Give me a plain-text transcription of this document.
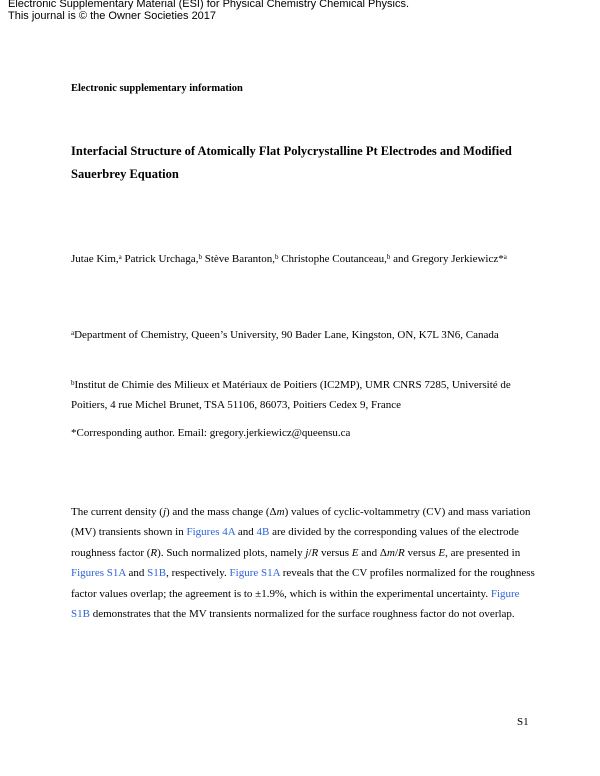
Electronic Supplementary Material (ESI) for Physical Chemistry Chemical Physics.
This journal is © the Owner Societies 2017
Electronic supplementary information
Interfacial Structure of Atomically Flat Polycrystalline Pt Electrodes and Modified Sauerbrey Equation
Jutae Kim,$^a$ Patrick Urchaga,$^b$ Stève Baranton,$^b$ Christophe Coutanceau,$^b$ and Gregory Jerkiewicz*$^a$
$^a$Department of Chemistry, Queen’s University, 90 Bader Lane, Kingston, ON, K7L 3N6, Canada
$^b$Institut de Chimie des Milieux et Matériaux de Poitiers (IC2MP), UMR CNRS 7285, Université de Poitiers, 4 rue Michel Brunet, TSA 51106, 86073, Poitiers Cedex 9, France
*Corresponding author. Email: gregory.jerkiewicz@queensu.ca
The current density (j) and the mass change (Δm) values of cyclic-voltammetry (CV) and mass variation (MV) transients shown in Figures 4A and 4B are divided by the corresponding values of the electrode roughness factor (R). Such normalized plots, namely j/R versus E and Δm/R versus E, are presented in Figures S1A and S1B, respectively. Figure S1A reveals that the CV profiles normalized for the roughness factor values overlap; the agreement is to ±1.9%, which is within the experimental uncertainty. Figure S1B demonstrates that the MV transients normalized for the surface roughness factor do not overlap.
S1
